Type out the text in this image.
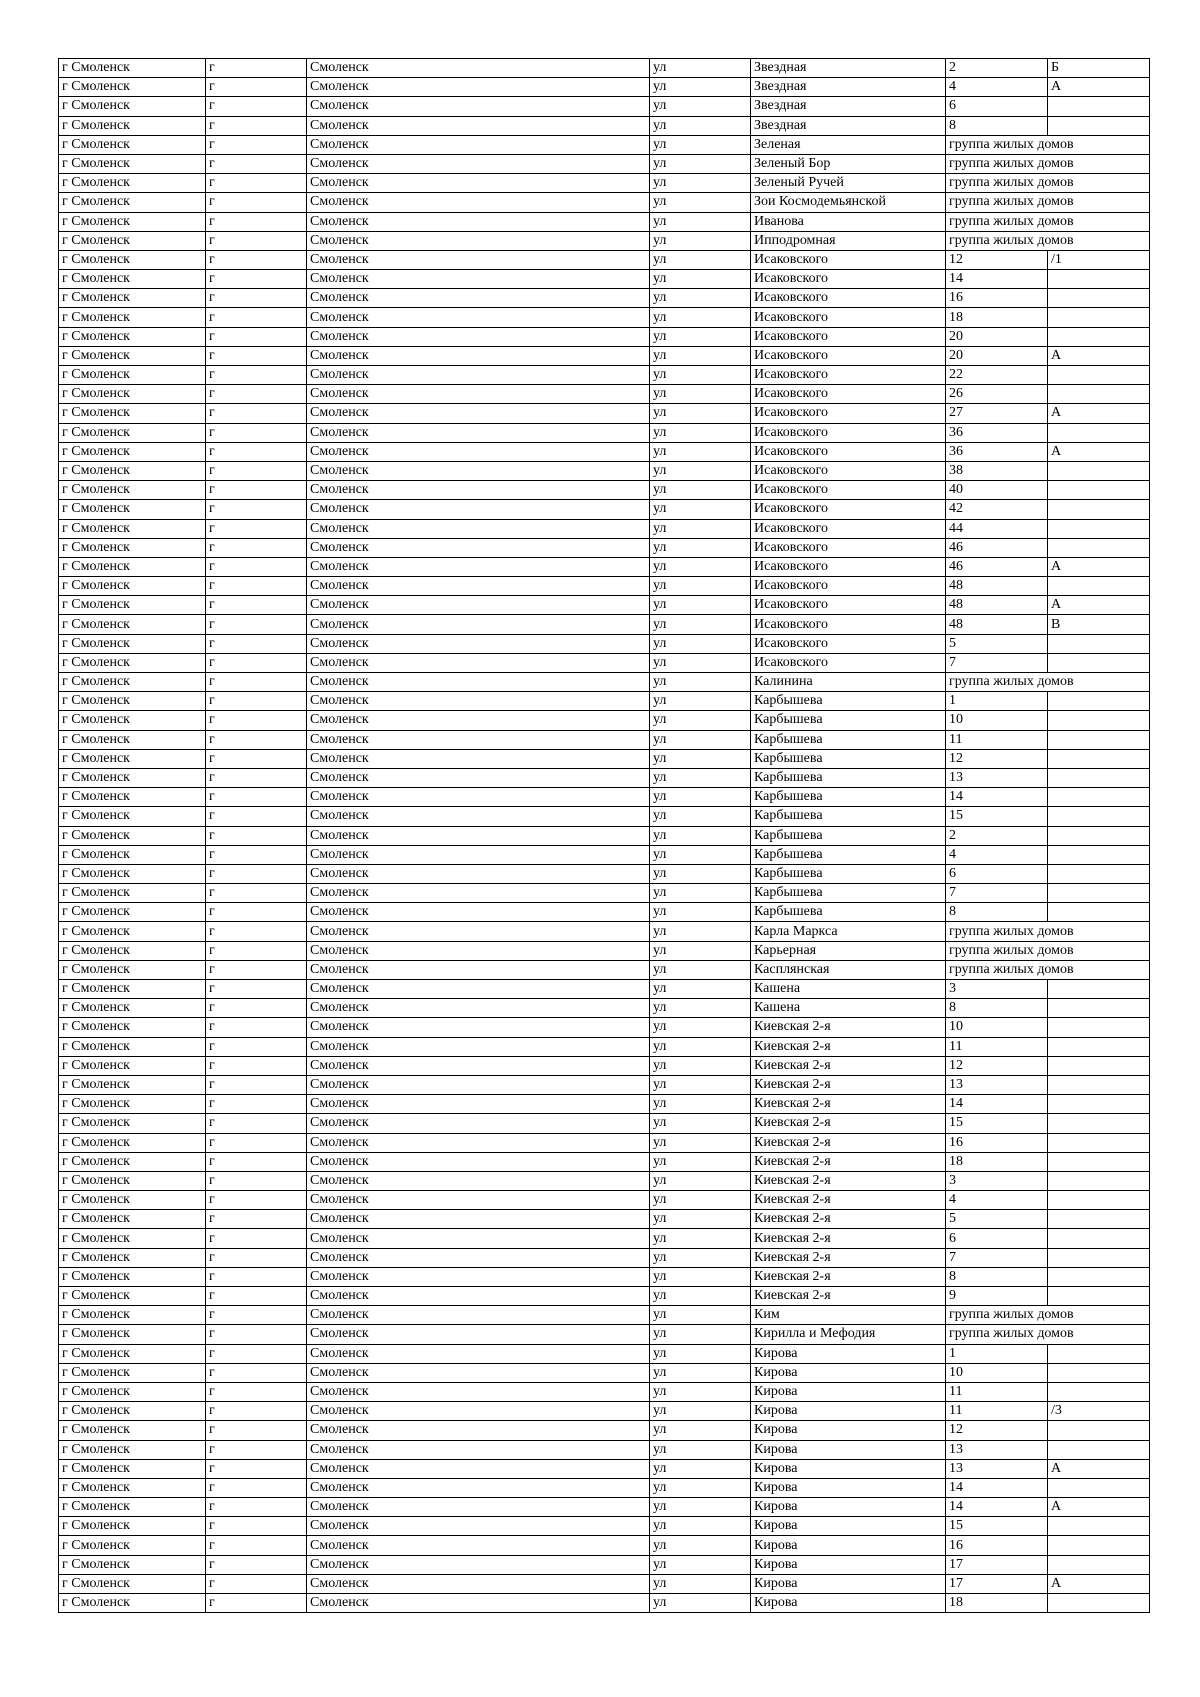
г Смоленск	г	Смоленск	ул	Звездная	2	Б
г Смоленск	г	Смоленск	ул	Звездная	4	А
г Смоленск	г	Смоленск	ул	Звездная	6	
г Смоленск	г	Смоленск	ул	Звездная	8	
г Смоленск	г	Смоленск	ул	Зеленая	группа жилых домов	
г Смоленск	г	Смоленск	ул	Зеленый Бор	группа жилых домов	
г Смоленск	г	Смоленск	ул	Зеленый Ручей	группа жилых домов	
г Смоленск	г	Смоленск	ул	Зои Космодемьянской	группа жилых домов	
г Смоленск	г	Смоленск	ул	Иванова	группа жилых домов	
г Смоленск	г	Смоленск	ул	Ипподромная	группа жилых домов	
г Смоленск	г	Смоленск	ул	Исаковского	12	/1
г Смоленск	г	Смоленск	ул	Исаковского	14	
г Смоленск	г	Смоленск	ул	Исаковского	16	
г Смоленск	г	Смоленск	ул	Исаковского	18	
г Смоленск	г	Смоленск	ул	Исаковского	20	
г Смоленск	г	Смоленск	ул	Исаковского	20	А
г Смоленск	г	Смоленск	ул	Исаковского	22	
г Смоленск	г	Смоленск	ул	Исаковского	26	
г Смоленск	г	Смоленск	ул	Исаковского	27	А
г Смоленск	г	Смоленск	ул	Исаковского	36	
г Смоленск	г	Смоленск	ул	Исаковского	36	А
г Смоленск	г	Смоленск	ул	Исаковского	38	
г Смоленск	г	Смоленск	ул	Исаковского	40	
г Смоленск	г	Смоленск	ул	Исаковского	42	
г Смоленск	г	Смоленск	ул	Исаковского	44	
г Смоленск	г	Смоленск	ул	Исаковского	46	
г Смоленск	г	Смоленск	ул	Исаковского	46	А
г Смоленск	г	Смоленск	ул	Исаковского	48	
г Смоленск	г	Смоленск	ул	Исаковского	48	А
г Смоленск	г	Смоленск	ул	Исаковского	48	В
г Смоленск	г	Смоленск	ул	Исаковского	5	
г Смоленск	г	Смоленск	ул	Исаковского	7	
г Смоленск	г	Смоленск	ул	Калинина	группа жилых домов	
г Смоленск	г	Смоленск	ул	Карбышева	1	
г Смоленск	г	Смоленск	ул	Карбышева	10	
г Смоленск	г	Смоленск	ул	Карбышева	11	
г Смоленск	г	Смоленск	ул	Карбышева	12	
г Смоленск	г	Смоленск	ул	Карбышева	13	
г Смоленск	г	Смоленск	ул	Карбышева	14	
г Смоленск	г	Смоленск	ул	Карбышева	15	
г Смоленск	г	Смоленск	ул	Карбышева	2	
г Смоленск	г	Смоленск	ул	Карбышева	4	
г Смоленск	г	Смоленск	ул	Карбышева	6	
г Смоленск	г	Смоленск	ул	Карбышева	7	
г Смоленск	г	Смоленск	ул	Карбышева	8	
г Смоленск	г	Смоленск	ул	Карла Маркса	группа жилых домов	
г Смоленск	г	Смоленск	ул	Карьерная	группа жилых домов	
г Смоленск	г	Смоленск	ул	Касплянская	группа жилых домов	
г Смоленск	г	Смоленск	ул	Кашена	3	
г Смоленск	г	Смоленск	ул	Кашена	8	
г Смоленск	г	Смоленск	ул	Киевская 2-я	10	
г Смоленск	г	Смоленск	ул	Киевская 2-я	11	
г Смоленск	г	Смоленск	ул	Киевская 2-я	12	
г Смоленск	г	Смоленск	ул	Киевская 2-я	13	
г Смоленск	г	Смоленск	ул	Киевская 2-я	14	
г Смоленск	г	Смоленск	ул	Киевская 2-я	15	
г Смоленск	г	Смоленск	ул	Киевская 2-я	16	
г Смоленск	г	Смоленск	ул	Киевская 2-я	18	
г Смоленск	г	Смоленск	ул	Киевская 2-я	3	
г Смоленск	г	Смоленск	ул	Киевская 2-я	4	
г Смоленск	г	Смоленск	ул	Киевская 2-я	5	
г Смоленск	г	Смоленск	ул	Киевская 2-я	6	
г Смоленск	г	Смоленск	ул	Киевская 2-я	7	
г Смоленск	г	Смоленск	ул	Киевская 2-я	8	
г Смоленск	г	Смоленск	ул	Киевская 2-я	9	
г Смоленск	г	Смоленск	ул	Ким	группа жилых домов	
г Смоленск	г	Смоленск	ул	Кирилла и Мефодия	группа жилых домов	
г Смоленск	г	Смоленск	ул	Кирова	1	
г Смоленск	г	Смоленск	ул	Кирова	10	
г Смоленск	г	Смоленск	ул	Кирова	11	
г Смоленск	г	Смоленск	ул	Кирова	11	/3
г Смоленск	г	Смоленск	ул	Кирова	12	
г Смоленск	г	Смоленск	ул	Кирова	13	
г Смоленск	г	Смоленск	ул	Кирова	13	А
г Смоленск	г	Смоленск	ул	Кирова	14	
г Смоленск	г	Смоленск	ул	Кирова	14	А
г Смоленск	г	Смоленск	ул	Кирова	15	
г Смоленск	г	Смоленск	ул	Кирова	16	
г Смоленск	г	Смоленск	ул	Кирова	17	
г Смоленск	г	Смоленск	ул	Кирова	17	А
г Смоленск	г	Смоленск	ул	Кирова	18	
